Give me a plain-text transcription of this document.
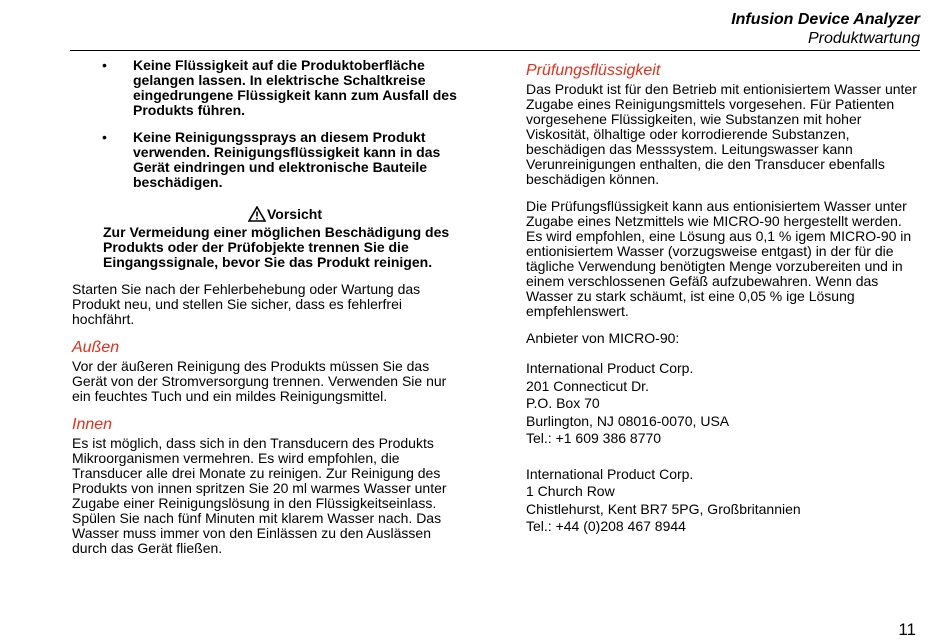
Infusion Device Analyzer
Produktwartung
• Keine Flüssigkeit auf die Produktoberfläche gelangen lassen. In elektrische Schaltkreise eingedrungene Flüssigkeit kann zum Ausfall des Produkts führen.
• Keine Reinigungssprays an diesem Produkt verwenden. Reinigungsflüssigkeit kann in das Gerät eindringen und elektronische Bauteile beschädigen.
Vorsicht
Zur Vermeidung einer möglichen Beschädigung des Produkts oder der Prüfobjekte trennen Sie die Eingangssignale, bevor Sie das Produkt reinigen.

Starten Sie nach der Fehlerbehebung oder Wartung das Produkt neu, und stellen Sie sicher, dass es fehlerfrei hochfährt.

Außen

Vor der äußeren Reinigung des Produkts müssen Sie das Gerät von der Stromversorgung trennen. Verwenden Sie nur ein feuchtes Tuch und ein mildes Reinigungsmittel.

Innen

Es ist möglich, dass sich in den Transducern des Produkts Mikroorganismen vermehren. Es wird empfohlen, die Transducer alle drei Monate zu reinigen. Zur Reinigung des Produkts von innen spritzen Sie 20 ml warmes Wasser unter Zugabe einer Reinigungslösung in den Flüssigkeitseinlass. Spülen Sie nach fünf Minuten mit klarem Wasser nach. Das Wasser muss immer von den Einlässen zu den Auslässen durch das Gerät fließen.

Prüfungsflüssigkeit

Das Produkt ist für den Betrieb mit entionisiertem Wasser unter Zugabe eines Reinigungsmittels vorgesehen. Für Patienten vorgesehene Flüssigkeiten, wie Substanzen mit hoher Viskosität, ölhaltige oder korrodierende Substanzen, beschädigen das Messsystem. Leitungswasser kann Verunreinigungen enthalten, die den Transducer ebenfalls beschädigen können.

Die Prüfungsflüssigkeit kann aus entionisiertem Wasser unter Zugabe eines Netzmittels wie MICRO-90 hergestellt werden. Es wird empfohlen, eine Lösung aus 0,1 % igem MICRO-90 in entionisiertem Wasser (vorzugsweise entgast) in der für die tägliche Verwendung benötigten Menge vorzubereiten und in einem verschlossenen Gefäß aufzubewahren. Wenn das Wasser zu stark schäumt, ist eine 0,05 % ige Lösung empfehlenswert.

Anbieter von MICRO-90:

International Product Corp.
201 Connecticut Dr.
P.O. Box 70
Burlington, NJ 08016-0070, USA
Tel.: +1 609 386 8770
International Product Corp.
1 Church Row
Chistlehurst, Kent BR7 5PG, Großbritannien
Tel.: +44 (0)208 467 8944
11
